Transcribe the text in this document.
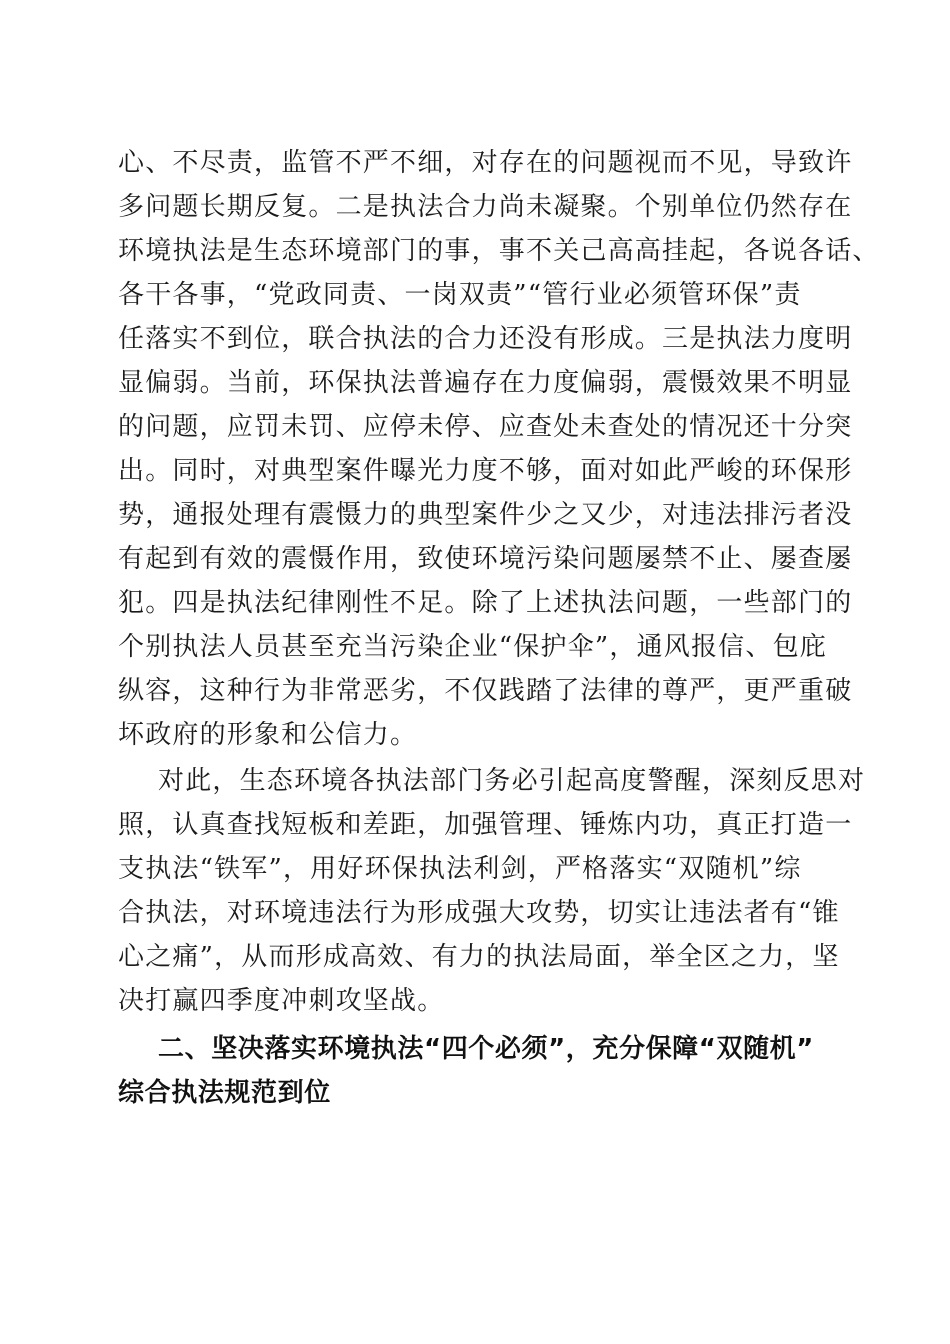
心、不尽责，监管不严不细，对存在的问题视而不见，导致许
多问题长期反复。二是执法合力尚未凝聚。个别单位仍然存在
环境执法是生态环境部门的事，事不关己高高挂起，各说各话、
各干各事，“党政同责、一岗双责”“管行业必须管环保”责
任落实不到位，联合执法的合力还没有形成。三是执法力度明
显偏弱。当前，环保执法普遍存在力度偏弱，震慑效果不明显
的问题，应罚未罚、应停未停、应查处未查处的情况还十分突
出。同时，对典型案件曝光力度不够，面对如此严峻的环保形
势，通报处理有震慑力的典型案件少之又少，对违法排污者没
有起到有效的震慑作用，致使环境污染问题屡禁不止、屡查屡
犯。四是执法纪律刚性不足。除了上述执法问题，一些部门的
个别执法人员甚至充当污染企业“保护伞”，通风报信、包庇
纵容，这种行为非常恶劣，不仅践踏了法律的尊严，更严重破
坏政府的形象和公信力。
对此，生态环境各执法部门务必引起高度警醒，深刻反思对
照，认真查找短板和差距，加强管理、锤炼内功，真正打造一
支执法“铁军”，用好环保执法利剑，严格落实“双随机”综
合执法，对环境违法行为形成强大攻势，切实让违法者有“锥
心之痛”，从而形成高效、有力的执法局面，举全区之力，坚
决打赢四季度冲刺攻坚战。
二、坚决落实环境执法“四个必须”，充分保障“双随机”
综合执法规范到位
